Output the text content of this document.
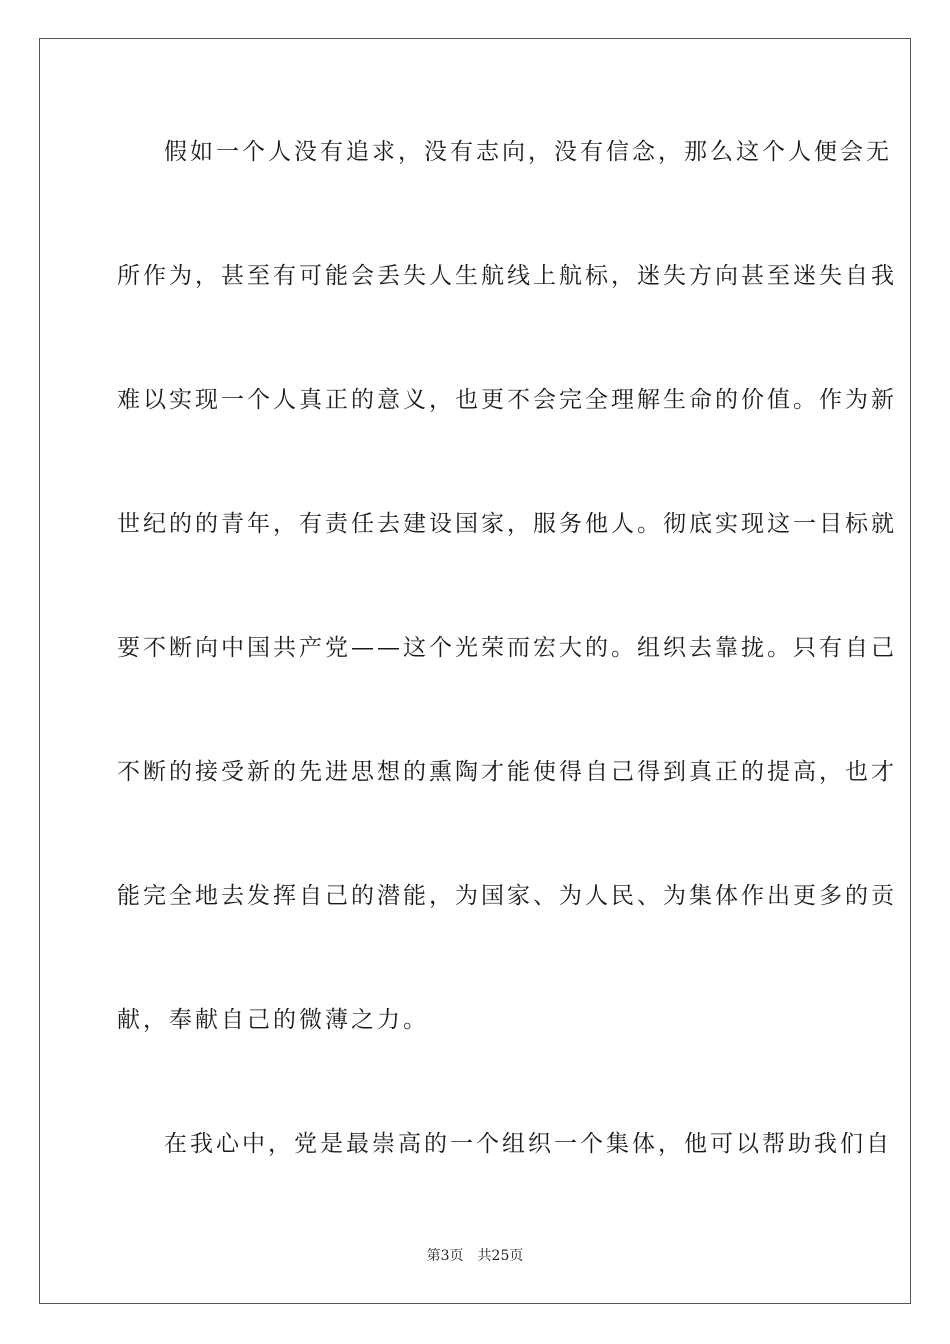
假如一个人没有追求，没有志向，没有信念，那么这个人便会无
所作为，甚至有可能会丢失人生航线上航标，迷失方向甚至迷失自我
难以实现一个人真正的意义，也更不会完全理解生命的价值。作为新
世纪的的青年，有责任去建设国家，服务他人。彻底实现这一目标就
要不断向中国共产党——这个光荣而宏大的。组织去靠拢。只有自己
不断的接受新的先进思想的熏陶才能使得自己得到真正的提高，也才
能完全地去发挥自己的潜能，为国家、为人民、为集体作出更多的贡
献，奉献自己的微薄之力。
在我心中，党是最崇高的一个组织一个集体，他可以帮助我们自
第3页 共25页
